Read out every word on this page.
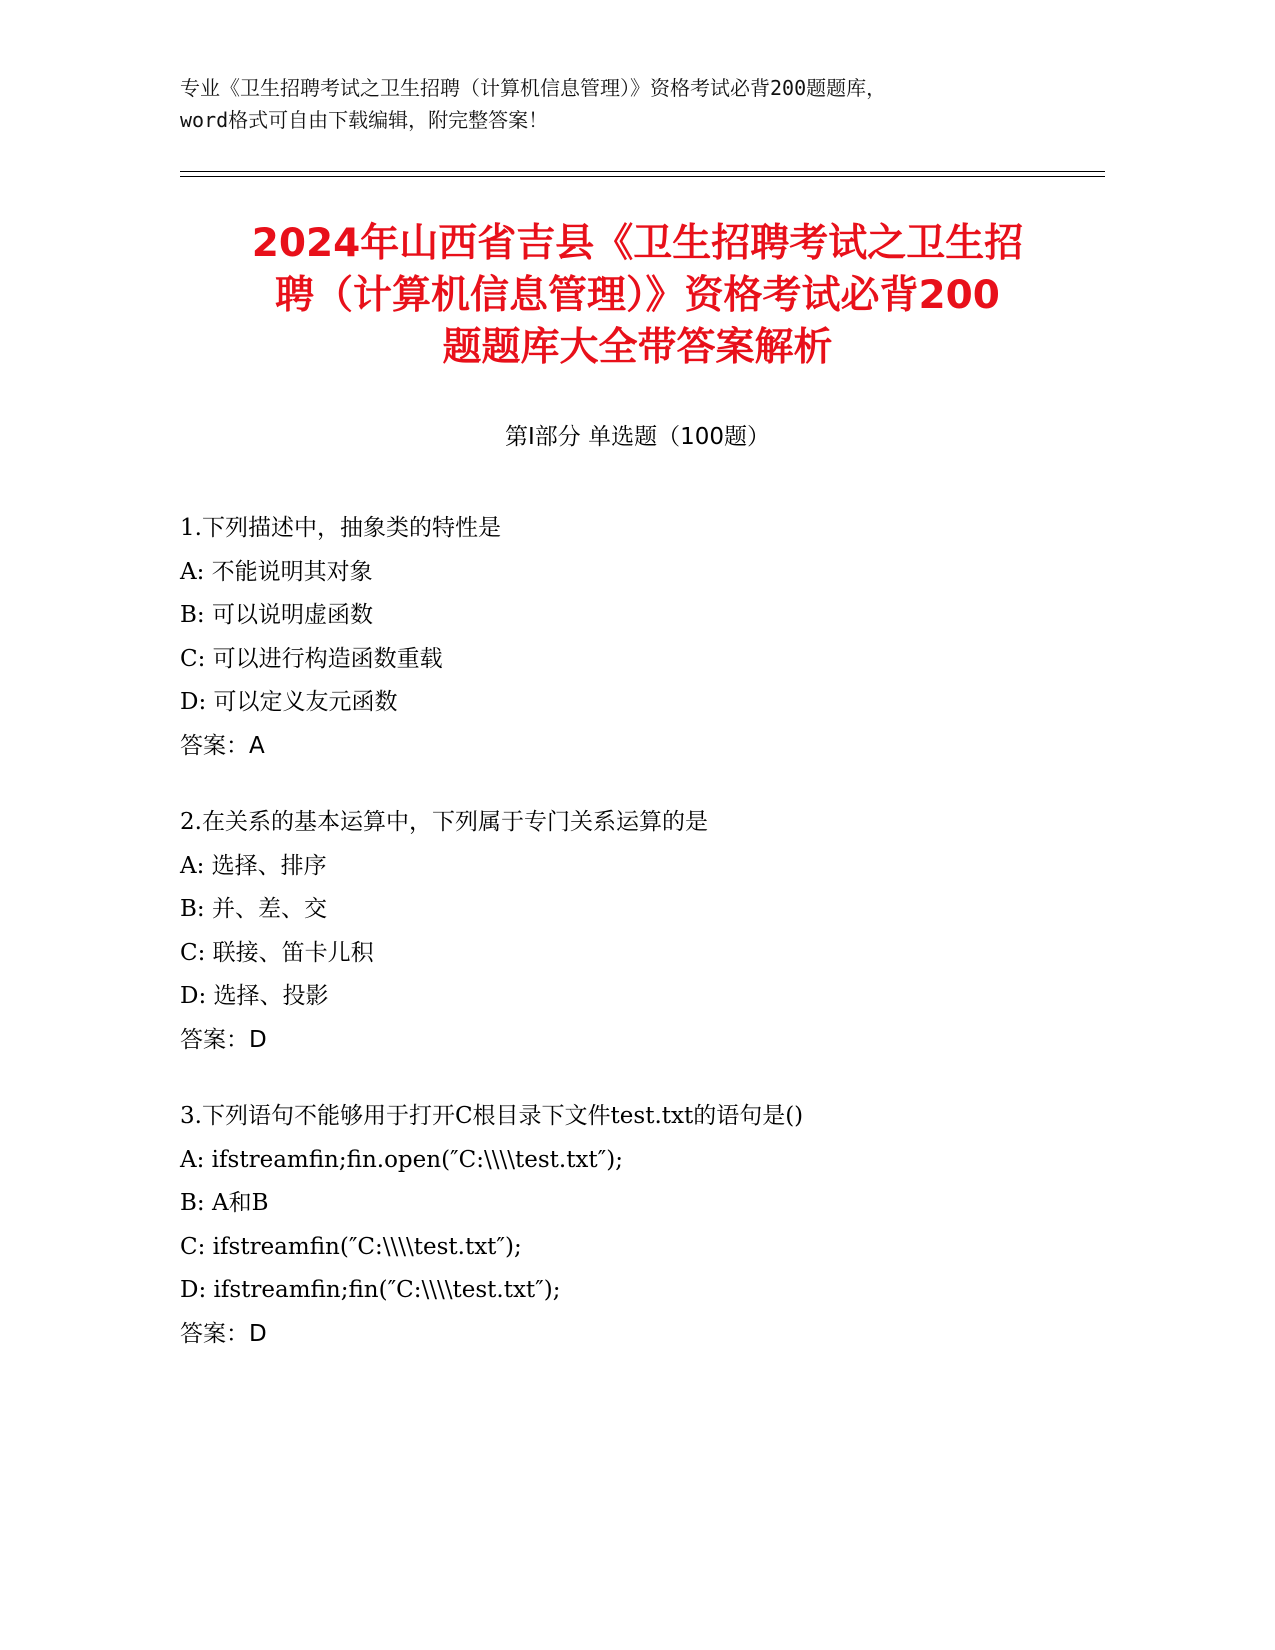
专业《卫生招聘考试之卫生招聘（计算机信息管理）》资格考试必背200题题库，
word格式可自由下载编辑，附完整答案！
2024年山西省吉县《卫生招聘考试之卫生招
聘（计算机信息管理）》资格考试必背200
题题库大全带答案解析
第Ⅰ部分 单选题（100题）
1.下列描述中，抽象类的特性是
A: 不能说明其对象
B: 可以说明虚函数
C: 可以进行构造函数重载
D: 可以定义友元函数
答案：A
2.在关系的基本运算中，下列属于专门关系运算的是
A: 选择、排序
B: 并、差、交
C: 联接、笛卡儿积
D: 选择、投影
答案：D
3.下列语句不能够用于打开C根目录下文件test.txt的语句是()
A: ifstreamfin;fin.open(″C:\\\\test.txt″);
B: A和B
C: ifstreamfin(″C:\\\\test.txt″);
D: ifstreamfin;fin(″C:\\\\test.txt″);
答案：D
